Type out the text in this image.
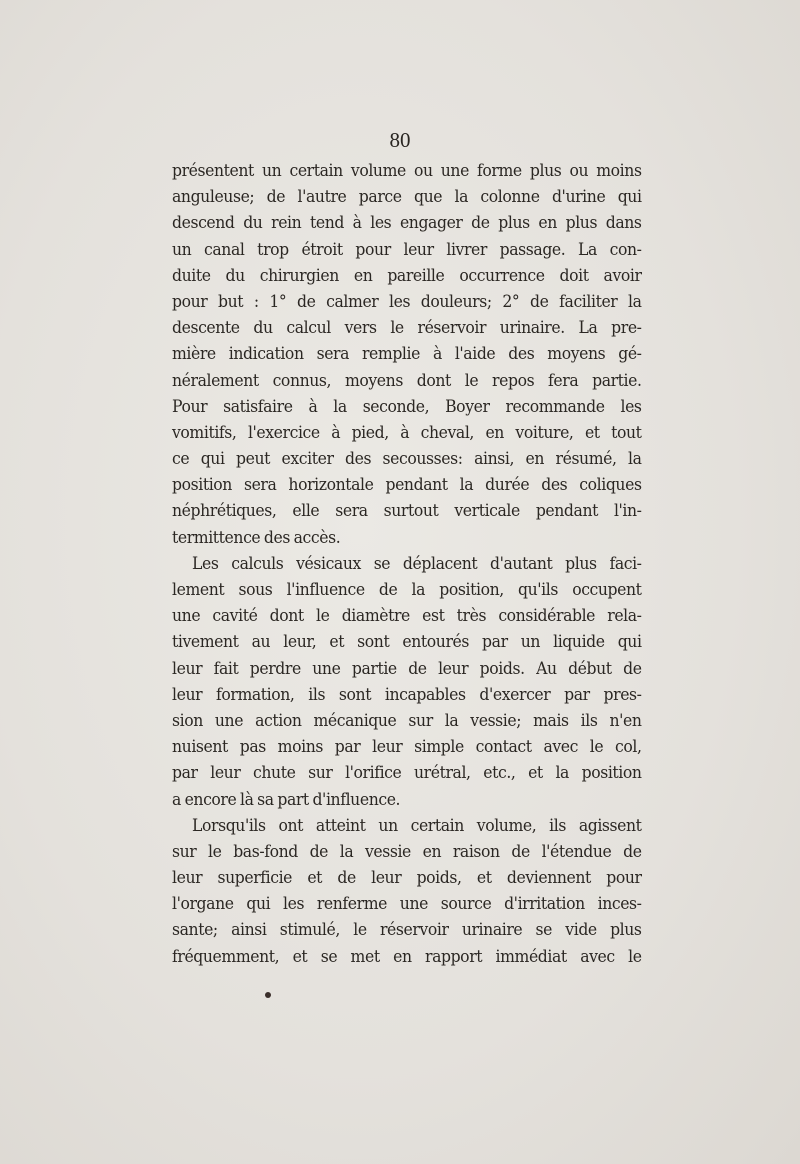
80
présentent un certain volume ou une forme plus ou moins
anguleuse; de l'autre parce que la colonne d'urine qui
descend du rein tend à les engager de plus en plus dans
un canal trop étroit pour leur livrer passage. La con-
duite du chirurgien en pareille occurrence doit avoir
pour but : 1° de calmer les douleurs; 2° de faciliter la
descente du calcul vers le réservoir urinaire. La pre-
mière indication sera remplie à l'aide des moyens gé-
néralement connus, moyens dont le repos fera partie.
Pour satisfaire à la seconde, Boyer recommande les
vomitifs, l'exercice à pied, à cheval, en voiture, et tout
ce qui peut exciter des secousses: ainsi, en résumé, la
position sera horizontale pendant la durée des coliques
néphrétiques, elle sera surtout verticale pendant l'in-
termittence des accès.
Les calculs vésicaux se déplacent d'autant plus faci-
lement sous l'influence de la position, qu'ils occupent
une cavité dont le diamètre est très considérable rela-
tivement au leur, et sont entourés par un liquide qui
leur fait perdre une partie de leur poids. Au début de
leur formation, ils sont incapables d'exercer par pres-
sion une action mécanique sur la vessie; mais ils n'en
nuisent pas moins par leur simple contact avec le col,
par leur chute sur l'orifice urétral, etc., et la position
a encore là sa part d'influence.
Lorsqu'ils ont atteint un certain volume, ils agissent
sur le bas-fond de la vessie en raison de l'étendue de
leur superficie et de leur poids, et deviennent pour
l'organe qui les renferme une source d'irritation inces-
sante; ainsi stimulé, le réservoir urinaire se vide plus
fréquemment, et se met en rapport immédiat avec le
